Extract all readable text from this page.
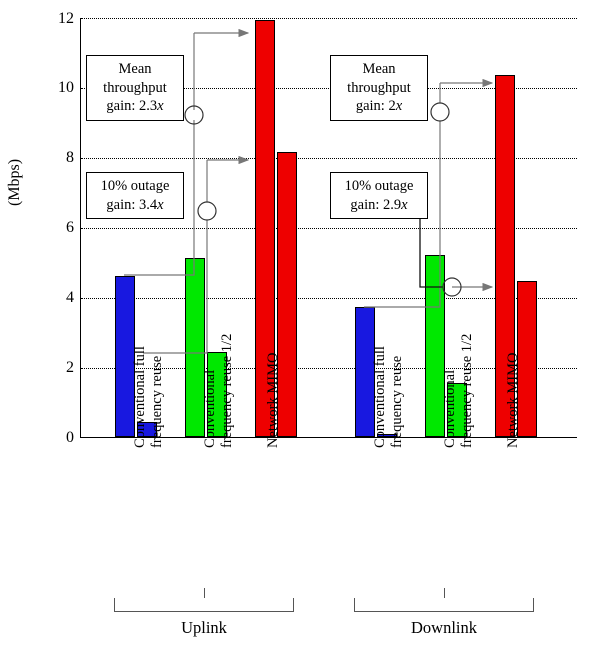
(Mbps)
12
10
8
6
4
2
0	Conventional full
frequency reuse	Conventional
frequency reuse 1/2 Network MIMO	Conventional full
frequency reuse	Conventional
frequency reuse 1/2 Network MIMO
Uplink	Downlink
Mean
throughput
gain: 2.3x
10% outage
gain: 3.4x
Mean
throughput
gain: 2x
10% outage
gain: 2.9x
